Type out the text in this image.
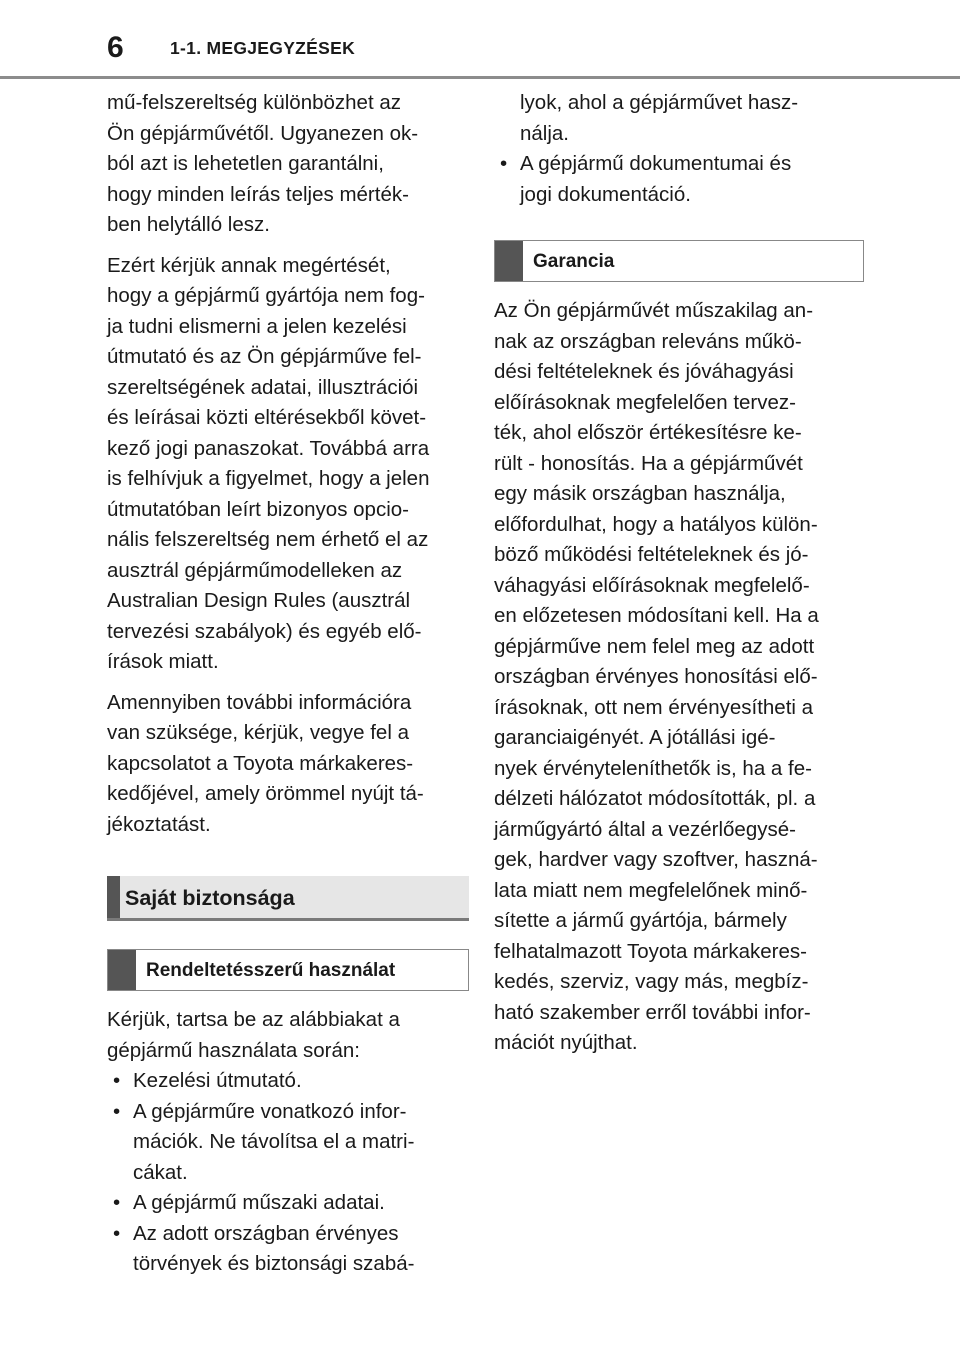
6	1-1. MEGJEGYZÉSEK

mű-felszereltség különbözhet az
Ön gépjárművétől. Ugyanezen ok-
ból azt is lehetetlen garantálni,
hogy minden leírás teljes mérték-
ben helytálló lesz.

Ezért kérjük annak megértését,
hogy a gépjármű gyártója nem fog-
ja tudni elismerni a jelen kezelési
útmutató és az Ön gépjárműve fel-
szereltségének adatai, illusztrációi
és leírásai közti eltérésekből követ-
kező jogi panaszokat. Továbbá arra
is felhívjuk a figyelmet, hogy a jelen
útmutatóban leírt bizonyos opcio-
nális felszereltség nem érhető el az
ausztrál gépjárműmodelleken az
Australian Design Rules (ausztrál
tervezési szabályok) és egyéb elő-
írások miatt.

Amennyiben további információra
van szüksége, kérjük, vegye fel a
kapcsolatot a Toyota márkakeres-
kedőjével, amely örömmel nyújt tá-
jékoztatást.

Saját biztonsága
Rendeltetésszerű használat
Kérjük, tartsa be az alábbiakat a
gépjármű használata során:
• Kezelési útmutató.
• A gépjárműre vonatkozó infor-
mációk. Ne távolítsa el a matri-
cákat.
• A gépjármű műszaki adatai.
• Az adott országban érvényes
törvények és biztonsági szabá-
lyok, ahol a gépjárművet hasz-
nálja.
• A gépjármű dokumentumai és
jogi dokumentáció.
Garancia

Az Ön gépjárművét műszakilag an-
nak az országban releváns műkö-
dési feltételeknek és jóváhagyási
előírásoknak megfelelően tervez-
ték, ahol először értékesítésre ke-
rült - honosítás. Ha a gépjárművét
egy másik országban használja,
előfordulhat, hogy a hatályos külön-
böző működési feltételeknek és jó-
váhagyási előírásoknak megfelelő-
en előzetesen módosítani kell. Ha a
gépjárműve nem felel meg az adott
országban érvényes honosítási elő-
írásoknak, ott nem érvényesítheti a
garanciaigényét. A jótállási igé-
nyek érvényteleníthetők is, ha a fe-
délzeti hálózatot módosították, pl. a
járműgyártó által a vezérlőegysé-
gek, hardver vagy szoftver, haszná-
lata miatt nem megfelelőnek minő-
sítette a jármű gyártója, bármely
felhatalmazott Toyota márkakeres-
kedés, szerviz, vagy más, megbíz-
ható szakember erről további infor-
mációt nyújthat.
